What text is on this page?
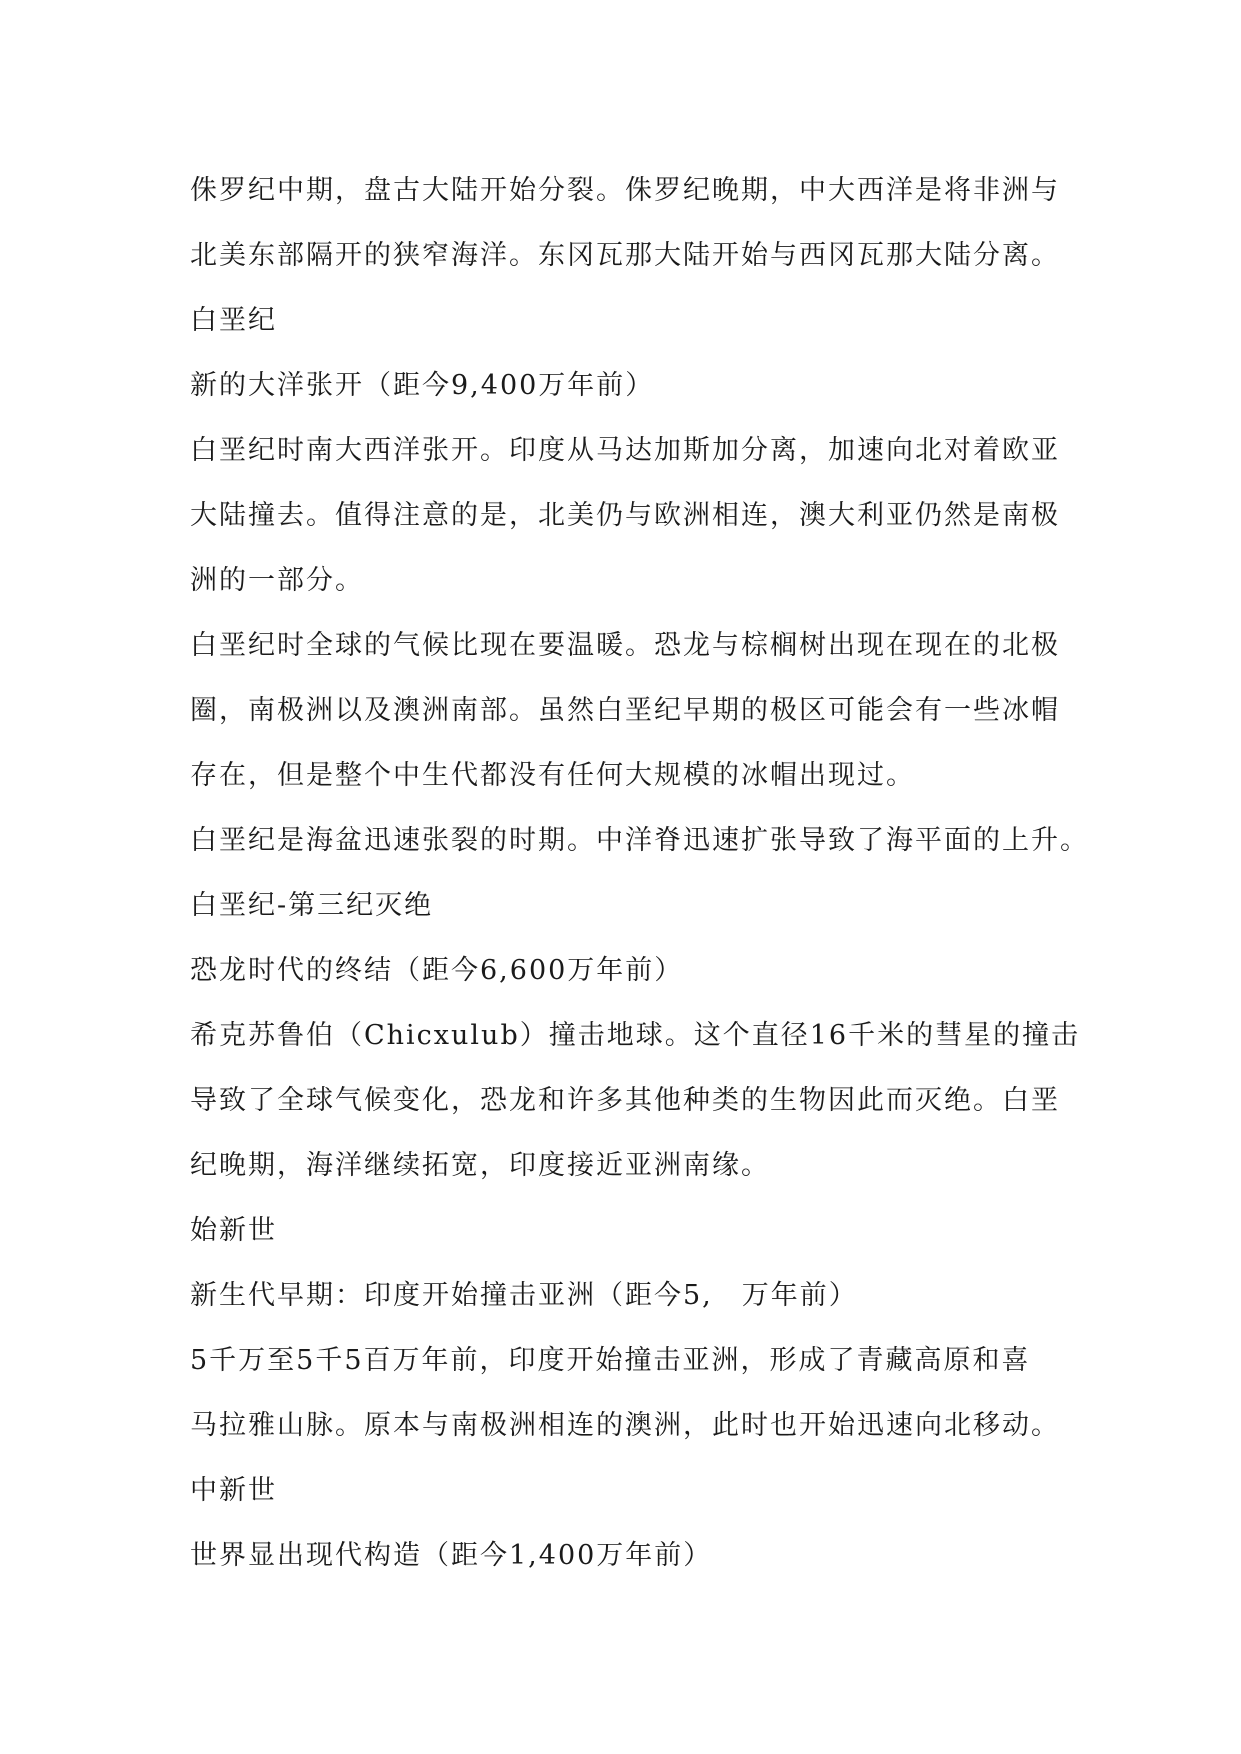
侏罗纪中期，盘古大陆开始分裂。侏罗纪晚期，中大西洋是将非洲与
北美东部隔开的狭窄海洋。东冈瓦那大陆开始与西冈瓦那大陆分离。
白垩纪
新的大洋张开（距今9,400万年前）
白垩纪时南大西洋张开。印度从马达加斯加分离，加速向北对着欧亚
大陆撞去。值得注意的是，北美仍与欧洲相连，澳大利亚仍然是南极
洲的一部分。
白垩纪时全球的气候比现在要温暖。恐龙与棕榈树出现在现在的北极
圈，南极洲以及澳洲南部。虽然白垩纪早期的极区可能会有一些冰帽
存在，但是整个中生代都没有任何大规模的冰帽出现过。
白垩纪是海盆迅速张裂的时期。中洋脊迅速扩张导致了海平面的上升。
白垩纪-第三纪灭绝
恐龙时代的终结（距今6,600万年前）
希克苏鲁伯（Chicxulub）撞击地球。这个直径16千米的彗星的撞击
导致了全球气候变化，恐龙和许多其他种类的生物因此而灭绝。白垩
纪晚期，海洋继续拓宽，印度接近亚洲南缘。
始新世
新生代早期：印度开始撞击亚洲（距今5,　万年前）
5千万至5千5百万年前，印度开始撞击亚洲，形成了青藏高原和喜
马拉雅山脉。原本与南极洲相连的澳洲，此时也开始迅速向北移动。
中新世
世界显出现代构造（距今1,400万年前）
